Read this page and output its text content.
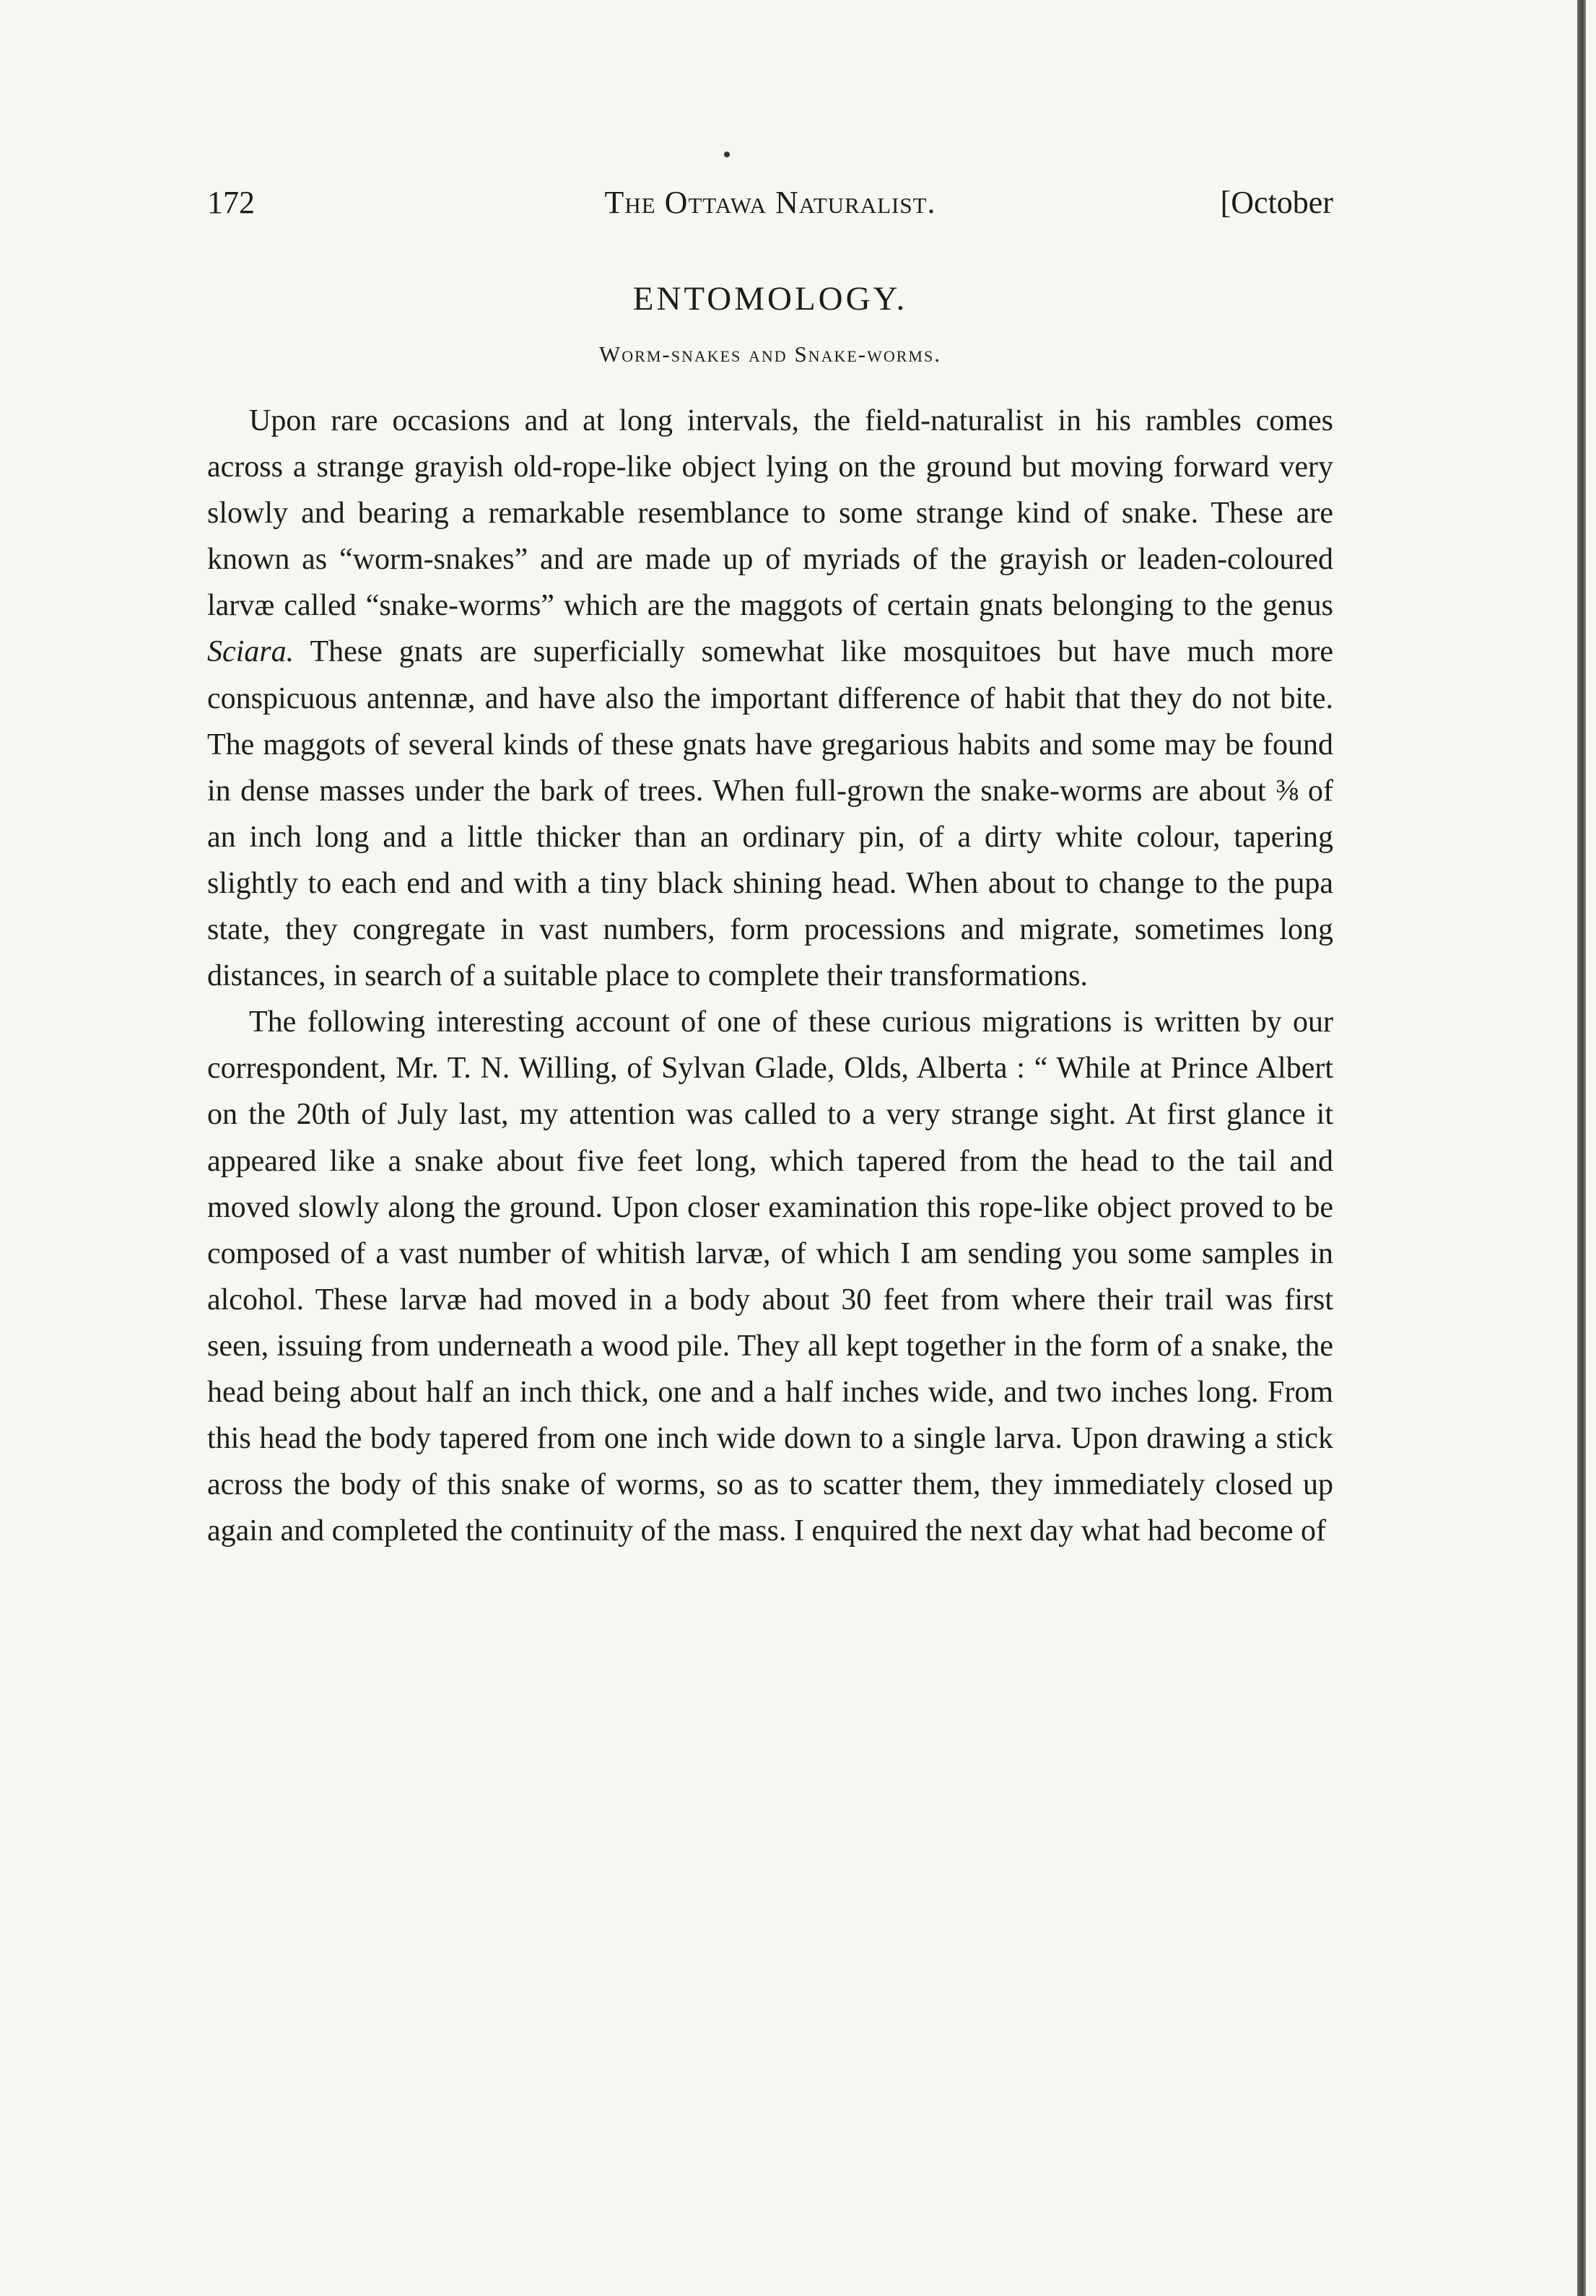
172	The Ottawa Naturalist.	[October
ENTOMOLOGY.
Worm-snakes and Snake-worms.

Upon rare occasions and at long intervals, the field-naturalist in his rambles comes across a strange grayish old-rope-like object lying on the ground but moving forward very slowly and bearing a remarkable resemblance to some strange kind of snake. These are known as “worm-snakes” and are made up of myriads of the grayish or leaden-coloured larvæ called “snake-worms” which are the maggots of certain gnats belonging to the genus Sciara. These gnats are superficially somewhat like mosquitoes but have much more conspicuous antennæ, and have also the important difference of habit that they do not bite. The maggots of several kinds of these gnats have gregarious habits and some may be found in dense masses under the bark of trees. When full-grown the snake-worms are about ⅜ of an inch long and a little thicker than an ordinary pin, of a dirty white colour, tapering slightly to each end and with a tiny black shining head. When about to change to the pupa state, they congregate in vast numbers, form processions and migrate, sometimes long distances, in search of a suitable place to complete their transformations.

The following interesting account of one of these curious migrations is written by our correspondent, Mr. T. N. Willing, of Sylvan Glade, Olds, Alberta : “ While at Prince Albert on the 20th of July last, my attention was called to a very strange sight. At first glance it appeared like a snake about five feet long, which tapered from the head to the tail and moved slowly along the ground. Upon closer examination this rope-like object proved to be composed of a vast number of whitish larvæ, of which I am sending you some samples in alcohol. These larvæ had moved in a body about 30 feet from where their trail was first seen, issuing from underneath a wood pile. They all kept together in the form of a snake, the head being about half an inch thick, one and a half inches wide, and two inches long. From this head the body tapered from one inch wide down to a single larva. Upon drawing a stick across the body of this snake of worms, so as to scatter them, they immediately closed up again and completed the continuity of the mass. I enquired the next day what had become of
